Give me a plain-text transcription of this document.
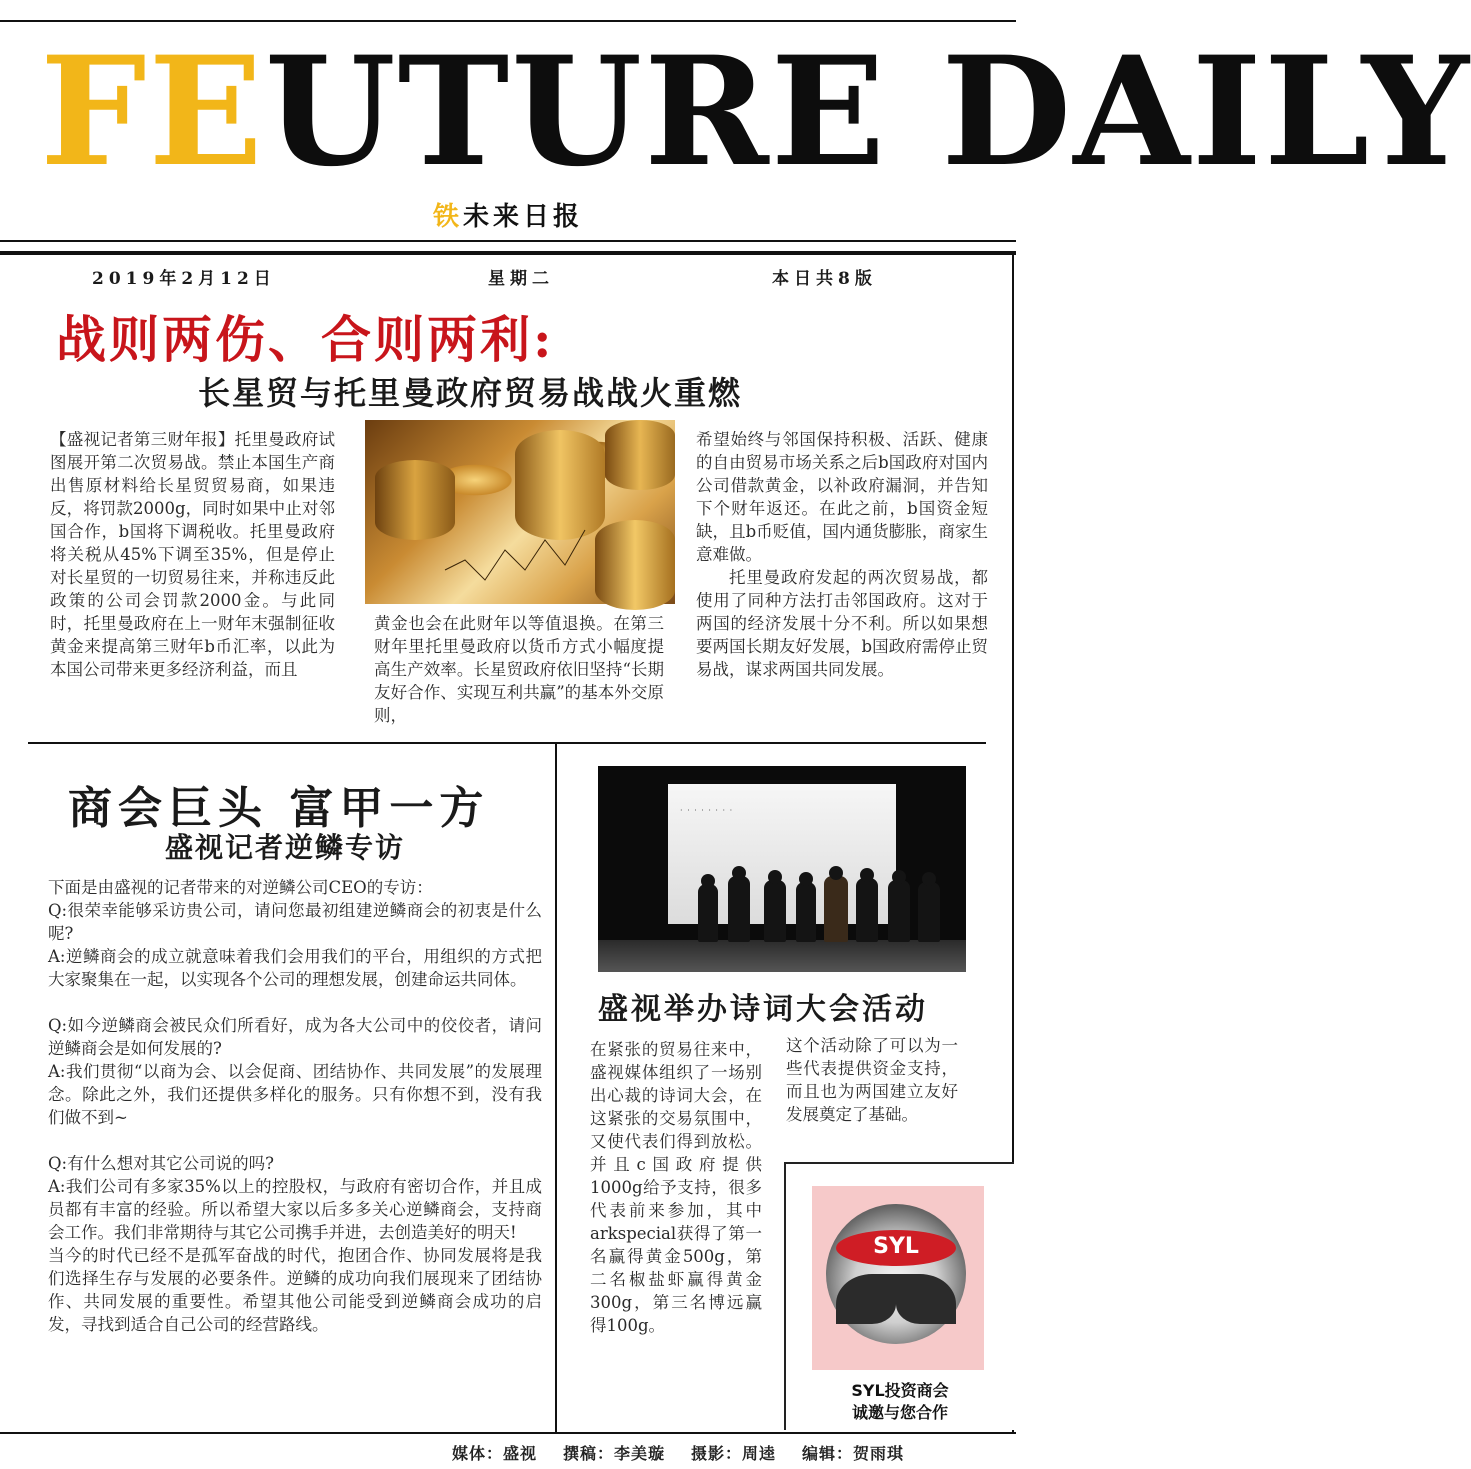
FEUTURE DAILY
铁未来日报
2019年2月12日	星期二	本日共8版
战则两伤、合则两利:
长星贸与托里曼政府贸易战战火重燃

【盛视记者第三财年报】托里曼政府试图展开第二次贸易战。禁止本国生产商出售原材料给长星贸贸易商，如果违反，将罚款2000g，同时如果中止对邻国合作，b国将下调税收。托里曼政府将关税从45%下调至35%，但是停止对长星贸的一切贸易往来，并称违反此政策的公司会罚款2000金。与此同时，托里曼政府在上一财年末强制征收黄金来提高第三财年b币汇率，以此为本国公司带来更多经济利益，而且

黄金也会在此财年以等值退换。在第三财年里托里曼政府以货币方式小幅度提高生产效率。长星贸政府依旧坚持“长期友好合作、实现互利共赢”的基本外交原则，

希望始终与邻国保持积极、活跃、健康的自由贸易市场关系之后b国政府对国内公司借款黄金，以补政府漏洞，并告知下个财年返还。在此之前，b国资金短缺，且b币贬值，国内通货膨胀，商家生意难做。

托里曼政府发起的两次贸易战，都使用了同种方法打击邻国政府。这对于两国的经济发展十分不利。所以如果想要两国长期友好发展，b国政府需停止贸易战，谋求两国共同发展。

商会巨头 富甲一方
盛视记者逆鳞专访

下面是由盛视的记者带来的对逆鳞公司CEO的专访：

Q:很荣幸能够采访贵公司，请问您最初组建逆鳞商会的初衷是什么呢?

A:逆鳞商会的成立就意味着我们会用我们的平台，用组织的方式把大家聚集在一起，以实现各个公司的理想发展，创建命运共同体。

Q:如今逆鳞商会被民众们所看好，成为各大公司中的佼佼者，请问逆鳞商会是如何发展的?

A:我们贯彻“以商为会、以会促商、团结协作、共同发展”的发展理念。除此之外，我们还提供多样化的服务。只有你想不到，没有我们做不到~

Q:有什么想对其它公司说的吗?

A:我们公司有多家35%以上的控股权，与政府有密切合作，并且成员都有丰富的经验。所以希望大家以后多多关心逆鳞商会，支持商会工作。我们非常期待与其它公司携手并进，去创造美好的明天!

当今的时代已经不是孤军奋战的时代，抱团合作、协同发展将是我们选择生存与发展的必要条件。逆鳞的成功向我们展现来了团结协作、共同发展的重要性。希望其他公司能受到逆鳞商会成功的启发，寻找到适合自己公司的经营路线。

· · · · · · · ·
盛视举办诗词大会活动

在紧张的贸易往来中，盛视媒体组织了一场别出心裁的诗词大会，在这紧张的交易氛围中，又使代表们得到放松。并且c国政府提供1000g给予支持，很多代表前来参加，其中arkspecial获得了第一名赢得黄金500g，第二名椒盐虾赢得黄金300g，第三名博远赢得100g。

这个活动除了可以为一些代表提供资金支持，而且也为两国建立友好发展奠定了基础。

SYL
SYL投资商会
诚邀与您合作
媒体：盛视 撰稿：李美璇 摄影：周逵 编辑：贺雨琪
